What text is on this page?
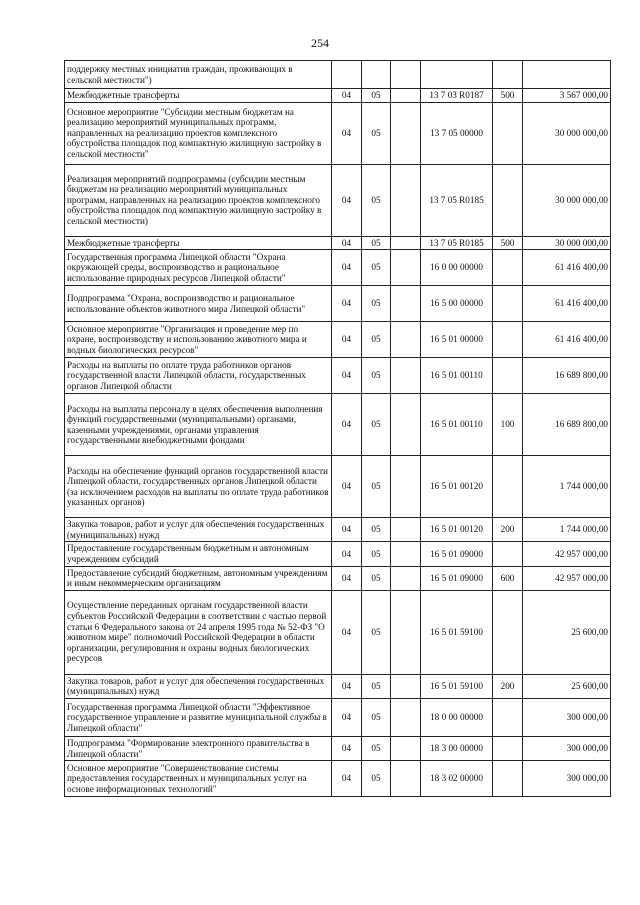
254
поддержку местных инициатив граждан, проживающих в сельской местности")						
Межбюджетные трансферты	04	05		13 7 03 R0187	500	3 567 000,00
Основное мероприятие "Субсидии местным бюджетам на реализацию мероприятий муниципальных программ, направленных на реализацию проектов комплексного обустройства площадок под компактную жилищную застройку в сельской местности"	04	05		13 7 05 00000		30 000 000,00
Реализация мероприятий подпрограммы (субсидии местным бюджетам на реализацию мероприятий муниципальных программ, направленных на реализацию проектов комплексного обустройства площадок под компактную жилищную застройку в сельской местности)	04	05		13 7 05 R0185		30 000 000,00
Межбюджетные трансферты	04	05		13 7 05 R0185	500	30 000 000,00
Государственная программа Липецкой области "Охрана окружающей среды, воспроизводство и рациональное использование природных ресурсов Липецкой области"	04	05		16 0 00 00000		61 416 400,00
Подпрограмма "Охрана, воспроизводство и рациональное использование объектов животного мира Липецкой области"	04	05		16 5 00 00000		61 416 400,00
Основное мероприятие "Организация и проведение мер по охране, воспроизводству и использованию животного мира и водных биологических ресурсов"	04	05		16 5 01 00000		61 416 400,00
Расходы на выплаты по оплате труда работников органов государственной власти Липецкой области, государственных органов Липецкой области	04	05		16 5 01 00110		16 689 800,00
Расходы на выплаты персоналу в целях обеспечения выполнения функций государственными (муниципальными) органами, казенными учреждениями, органами управления государственными внебюджетными фондами	04	05		16 5 01 00110	100	16 689 800,00
Расходы на обеспечение функций органов государственной власти Липецкой области, государственных органов Липецкой области (за исключением расходов на выплаты по оплате труда работников указанных органов)	04	05		16 5 01 00120		1 744 000,00
Закупка товаров, работ и услуг для обеспечения государственных (муниципальных) нужд	04	05		16 5 01 00120	200	1 744 000,00
Предоставление государственным бюджетным и автономным учреждениям субсидий	04	05		16 5 01 09000		42 957 000,00
Предоставление субсидий бюджетным, автономным учреждениям и иным некоммерческим организациям	04	05		16 5 01 09000	600	42 957 000,00
Осуществление переданных органам государственной власти субъектов Российской Федерации в соответствии с частью первой статьи 6 Федерального закона от 24 апреля 1995 года № 52-ФЗ "О животном мире" полномочий Российской Федерации в области организации, регулирования и охраны водных биологических ресурсов	04	05		16 5 01 59100		25 600,00
Закупка товаров, работ и услуг для обеспечения государственных (муниципальных) нужд	04	05		16 5 01 59100	200	25 600,00
Государственная программа Липецкой области "Эффективное государственное управление и развитие муниципальной службы в Липецкой области"	04	05		18 0 00 00000		300 000,00
Подпрограмма "Формирование электронного правительства в Липецкой области"	04	05		18 3 00 00000		300 000,00
Основное мероприятие "Совершенствование системы предоставления государственных и муниципальных услуг на основе информационных технологий"	04	05		18 3 02 00000		300 000,00
